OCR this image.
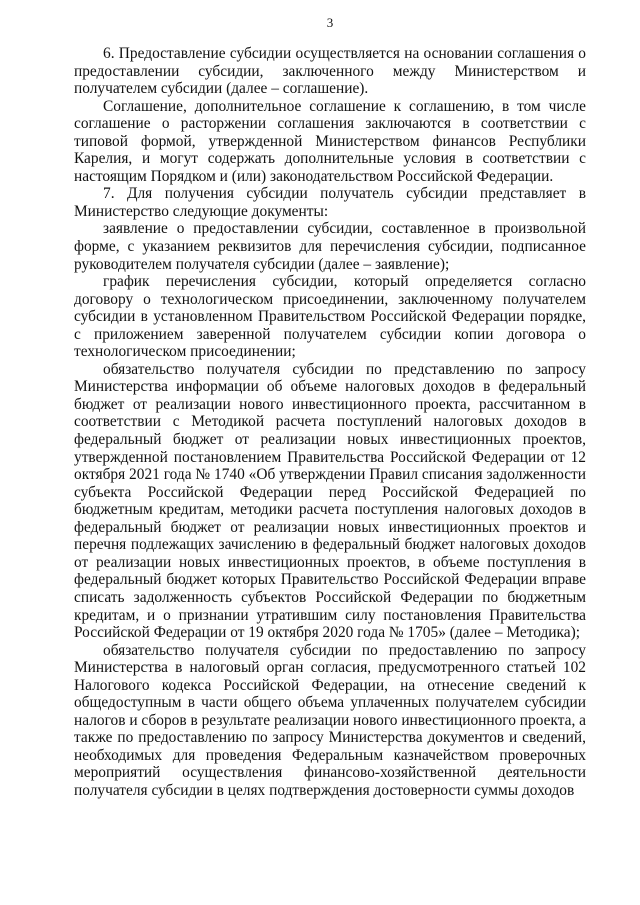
3

6. Предоставление субсидии осуществляется на основании соглашения о предоставлении субсидии, заключенного между Министерством и получателем субсидии (далее – соглашение).

Соглашение, дополнительное соглашение к соглашению, в том числе соглашение о расторжении соглашения заключаются в соответствии с типовой формой, утвержденной Министерством финансов Республики Карелия, и могут содержать дополнительные условия в соответствии с настоящим Порядком и (или) законодательством Российской Федерации.

7. Для получения субсидии получатель субсидии представляет в Министерство следующие документы:

заявление о предоставлении субсидии, составленное в произвольной форме, с указанием реквизитов для перечисления субсидии, подписанное руководителем получателя субсидии (далее – заявление);

график перечисления субсидии, который определяется согласно договору о технологическом присоединении, заключенному получателем субсидии в установленном Правительством Российской Федерации порядке, с приложением заверенной получателем субсидии копии договора о технологическом присоединении;

обязательство получателя субсидии по представлению по запросу Министерства информации об объеме налоговых доходов в федеральный бюджет от реализации нового инвестиционного проекта, рассчитанном в соответствии с Методикой расчета поступлений налоговых доходов в федеральный бюджет от реализации новых инвестиционных проектов, утвержденной постановлением Правительства Российской Федерации от 12 октября 2021 года № 1740 «Об утверждении Правил списания задолженности субъекта Российской Федерации перед Российской Федерацией по бюджетным кредитам, методики расчета поступления налоговых доходов в федеральный бюджет от реализации новых инвестиционных проектов и перечня подлежащих зачислению в федеральный бюджет налоговых доходов от реализации новых инвестиционных проектов, в объеме поступления в федеральный бюджет которых Правительство Российской Федерации вправе списать задолженность субъектов Российской Федерации по бюджетным кредитам, и о признании утратившим силу постановления Правительства Российской Федерации от 19 октября 2020 года № 1705» (далее – Методика);

обязательство получателя субсидии по предоставлению по запросу Министерства в налоговый орган согласия, предусмотренного статьей 102 Налогового кодекса Российской Федерации, на отнесение сведений к общедоступным в части общего объема уплаченных получателем субсидии налогов и сборов в результате реализации нового инвестиционного проекта, а также по предоставлению по запросу Министерства документов и сведений, необходимых для проведения Федеральным казначейством проверочных мероприятий осуществления финансово-хозяйственной деятельности получателя субсидии в целях подтверждения достоверности суммы доходов
